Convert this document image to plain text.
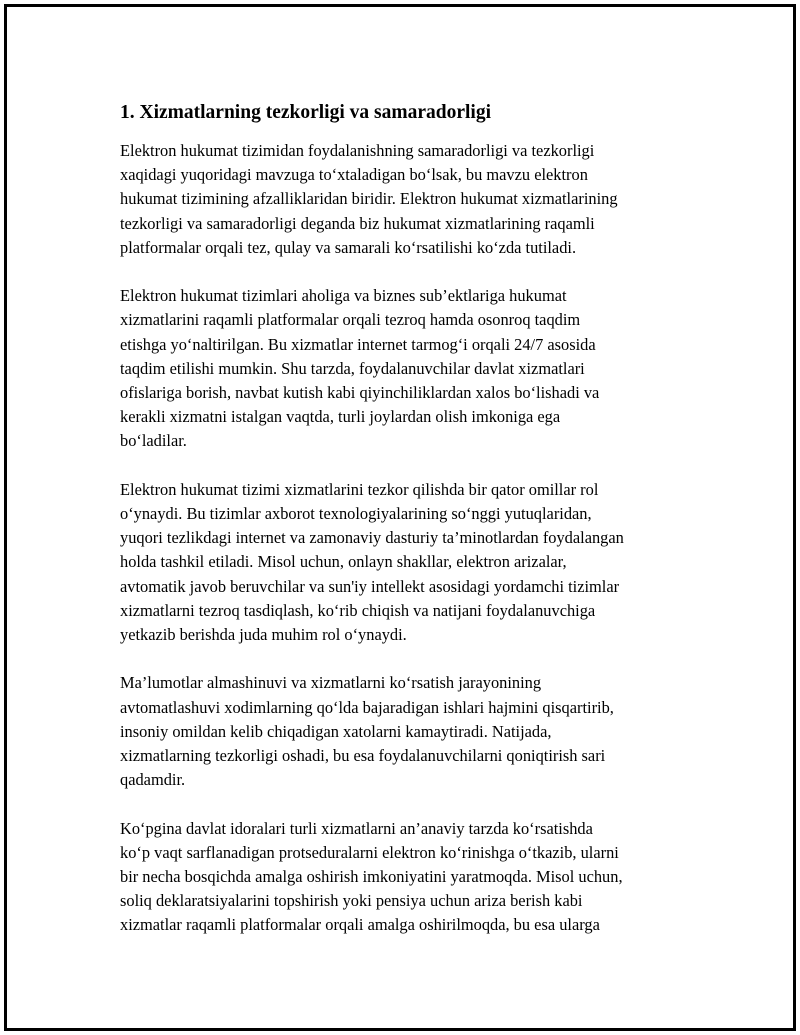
1. Xizmatlarning tezkorligi va samaradorligi

Elektron hukumat tizimidan foydalanishning samaradorligi va tezkorligi
xaqidagi yuqoridagi mavzuga to‘xtaladigan bo‘lsak, bu mavzu elektron
hukumat tizimining afzalliklaridan biridir. Elektron hukumat xizmatlarining
tezkorligi va samaradorligi deganda biz hukumat xizmatlarining raqamli
platformalar orqali tez, qulay va samarali ko‘rsatilishi ko‘zda tutiladi.

Elektron hukumat tizimlari aholiga va biznes sub’ektlariga hukumat
xizmatlarini raqamli platformalar orqali tezroq hamda osonroq taqdim
etishga yo‘naltirilgan. Bu xizmatlar internet tarmog‘i orqali 24/7 asosida
taqdim etilishi mumkin. Shu tarzda, foydalanuvchilar davlat xizmatlari
ofislariga borish, navbat kutish kabi qiyinchiliklardan xalos bo‘lishadi va
kerakli xizmatni istalgan vaqtda, turli joylardan olish imkoniga ega
bo‘ladilar.

Elektron hukumat tizimi xizmatlarini tezkor qilishda bir qator omillar rol
o‘ynaydi. Bu tizimlar axborot texnologiyalarining so‘nggi yutuqlaridan,
yuqori tezlikdagi internet va zamonaviy dasturiy ta’minotlardan foydalangan
holda tashkil etiladi. Misol uchun, onlayn shakllar, elektron arizalar,
avtomatik javob beruvchilar va sun'iy intellekt asosidagi yordamchi tizimlar
xizmatlarni tezroq tasdiqlash, ko‘rib chiqish va natijani foydalanuvchiga
yetkazib berishda juda muhim rol o‘ynaydi.

Ma’lumotlar almashinuvi va xizmatlarni ko‘rsatish jarayonining
avtomatlashuvi xodimlarning qo‘lda bajaradigan ishlari hajmini qisqartirib,
insoniy omildan kelib chiqadigan xatolarni kamaytiradi. Natijada,
xizmatlarning tezkorligi oshadi, bu esa foydalanuvchilarni qoniqtirish sari
qadamdir.

Ko‘pgina davlat idoralari turli xizmatlarni an’anaviy tarzda ko‘rsatishda
ko‘p vaqt sarflanadigan protseduralarni elektron ko‘rinishga o‘tkazib, ularni
bir necha bosqichda amalga oshirish imkoniyatini yaratmoqda. Misol uchun,
soliq deklaratsiyalarini topshirish yoki pensiya uchun ariza berish kabi
xizmatlar raqamli platformalar orqali amalga oshirilmoqda, bu esa ularga
